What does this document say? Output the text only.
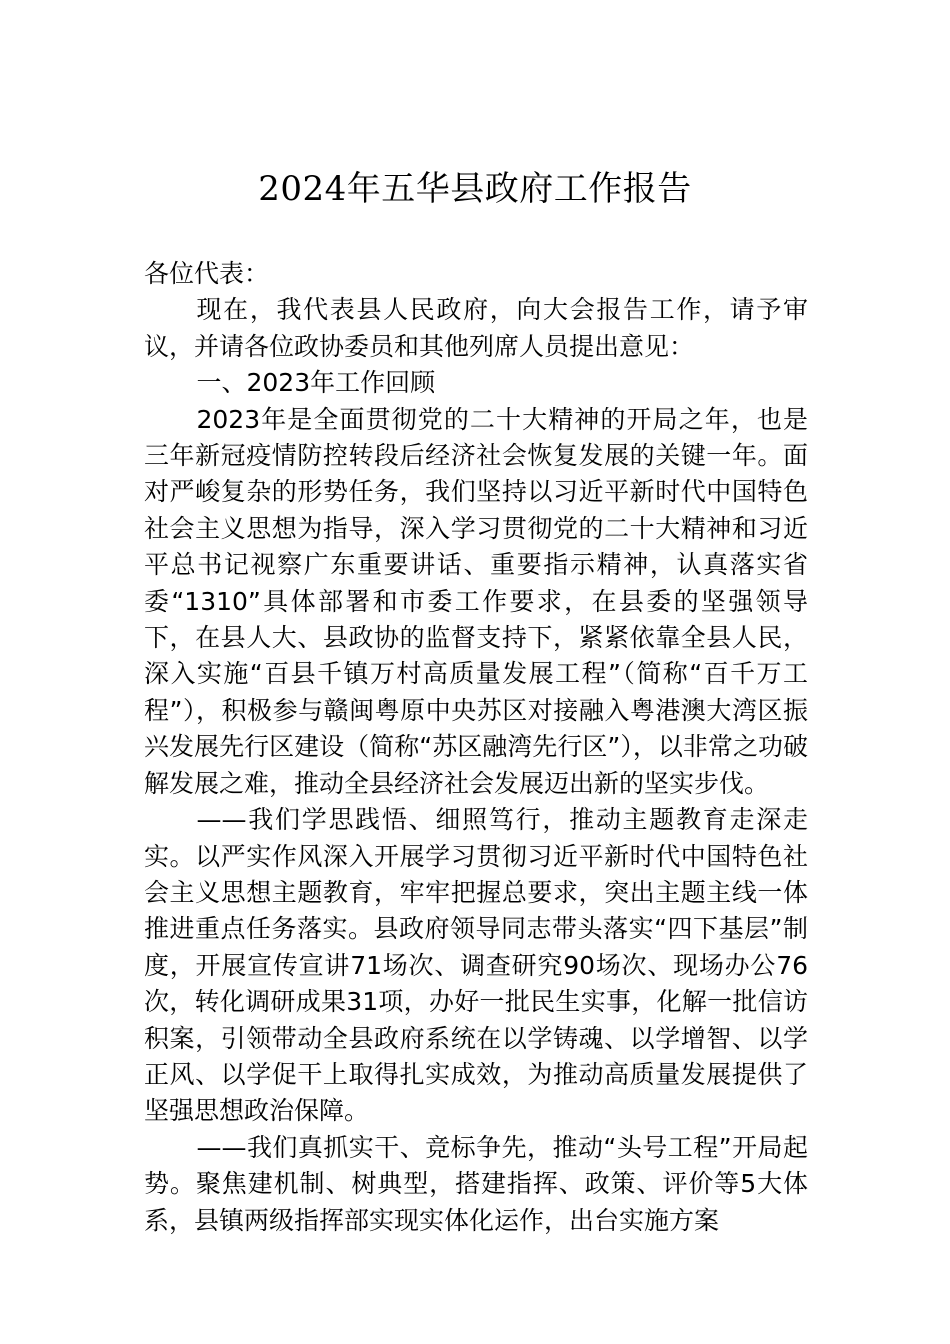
2024年五华县政府工作报告

各位代表：

现在，我代表县人民政府，向大会报告工作，请予审议，并请各位政协委员和其他列席人员提出意见：

一、2023年工作回顾

2023年是全面贯彻党的二十大精神的开局之年，也是三年新冠疫情防控转段后经济社会恢复发展的关键一年。面对严峻复杂的形势任务，我们坚持以习近平新时代中国特色社会主义思想为指导，深入学习贯彻党的二十大精神和习近平总书记视察广东重要讲话、重要指示精神，认真落实省委“1310”具体部署和市委工作要求，在县委的坚强领导下，在县人大、县政协的监督支持下，紧紧依靠全县人民，深入实施“百县千镇万村高质量发展工程”（简称“百千万工程”），积极参与赣闽粤原中央苏区对接融入粤港澳大湾区振兴发展先行区建设（简称“苏区融湾先行区”），以非常之功破解发展之难，推动全县经济社会发展迈出新的坚实步伐。

——我们学思践悟、细照笃行，推动主题教育走深走实。以严实作风深入开展学习贯彻习近平新时代中国特色社会主义思想主题教育，牢牢把握总要求，突出主题主线一体推进重点任务落实。县政府领导同志带头落实“四下基层”制度，开展宣传宣讲71场次、调查研究90场次、现场办公76次，转化调研成果31项，办好一批民生实事，化解一批信访积案，引领带动全县政府系统在以学铸魂、以学增智、以学正风、以学促干上取得扎实成效，为推动高质量发展提供了坚强思想政治保障。

——我们真抓实干、竞标争先，推动“头号工程”开局起势。聚焦建机制、树典型，搭建指挥、政策、评价等5大体系，县镇两级指挥部实现实体化运作，出台实施方案
